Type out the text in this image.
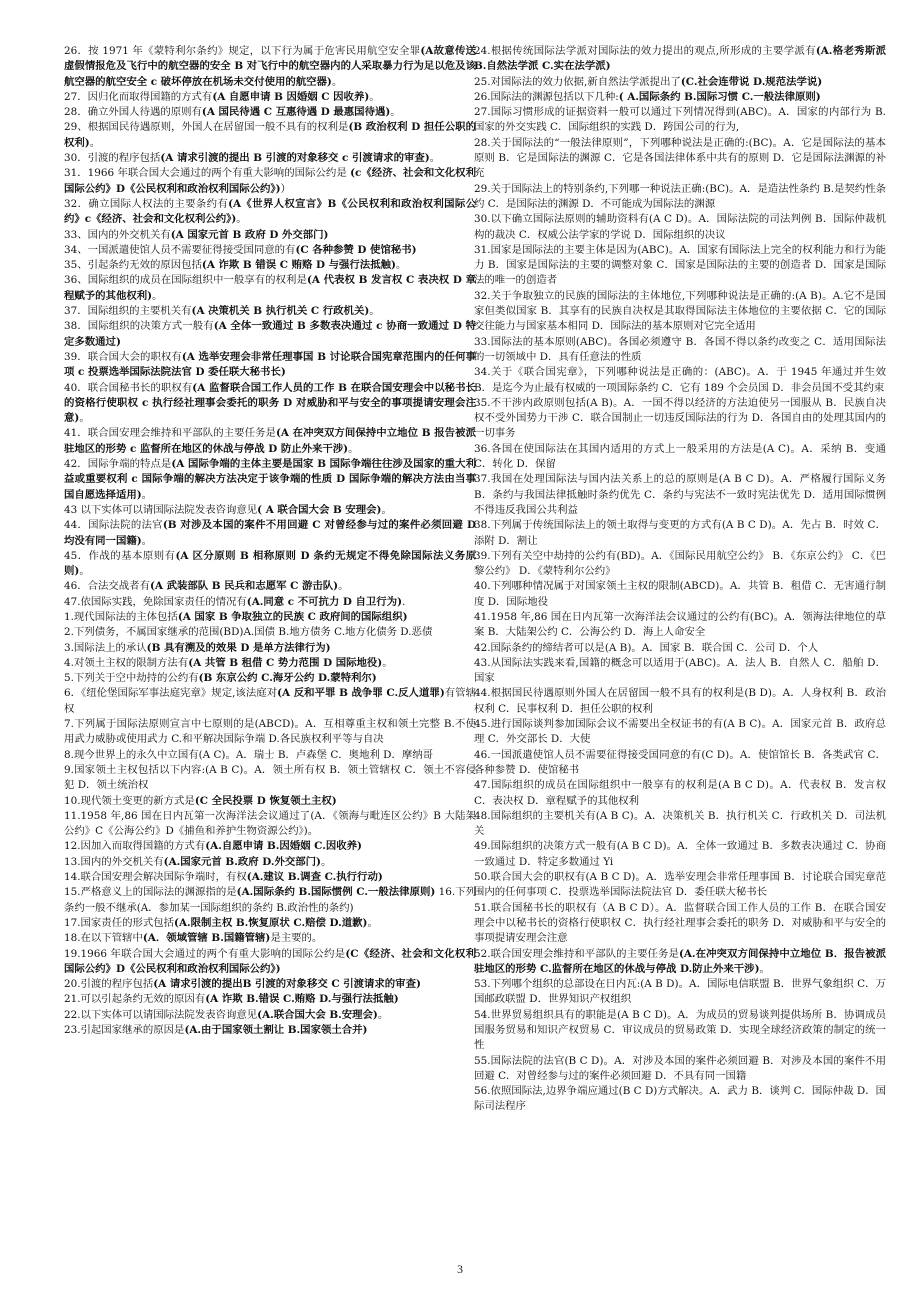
26．按 1971 年《蒙特利尔条约》规定，以下行为属于危害民用航空安全罪(A故意传送虚假情报危及飞行中的航空器的安全 B 对飞行中的航空器内的人采取暴力行为足以危及该航空器的航空安全 c 破坏停放在机场未交付使用的航空器)。

27．因归化而取得国籍的方式有(A 自愿申请 B 因婚姻 C 因收养)。

28．确立外国人待遇的原则有(A 国民待遇 C 互惠待遇 D 最惠国待遇)。

29、根据国民待遇原则，外国人在居留国一般不具有的权利是(B 政治权利 D 担任公职的权利)。

30．引渡的程序包括(A 请求引渡的提出 B 引渡的对象移交 c 引渡请求的审查)。

31．1966 年联合国大会通过的两个有重大影响的国际公约是 (c《经济、社会和文化权利国际公约》D《公民权利和政治权利国际公约》)）

32．确立国际人权法的主要条约有(A《世界人权宣言》B《公民权利和政治权利国际公约》c《经济、社会和文化权利公约》)。

33、国内的外交机关有(A 国家元首 B 政府 D 外交部门)

34、一国派遣使馆人员不需要征得接受国同意的有(C 各种参赞 D 使馆秘书)

35、引起条约无效的原因包括(A 诈欺 B 错误 C 贿赂 D 与强行法抵触)。

36、国际组织的成员在国际组织中一般享有的权利是(A 代表权 B 发言权 C 表决权 D 章程赋予的其他权利)。

37．国际组织的主要机关有(A 决策机关 B 执行机关 C 行政机关)。

38．国际组织的决策方式一般有(A 全体一致通过 B 多数表决通过 c 协商一致通过 D 特定多数通过)

39．联合国大会的职权有(A 选举安理会非常任理事国 B 讨论联合国宪章范围内的任何事项 c 投票选举国际法院法官 D 委任联大秘书长)

40．联合国秘书长的职权有(A 监督联合国工作人员的工作 B 在联合国安理会中以秘书长的资格行使职权 c 执行经社理事会委托的职务 D 对威胁和平与安全的事项提请安理会注意)。

41．联合国安理会维持和平部队的主要任务是(A 在冲突双方间保持中立地位 B 报告被派驻地区的形势 c 监督所在地区的休战与停战 D 防止外来干涉)。

42．国际争端的特点是(A 国际争端的主体主要是国家 B 国际争端往往涉及国家的重大利益或重要权利 c 国际争端的解决方法决定于该争端的性质 D 国际争端的解决方法由当事国自愿选择适用)。

43 以下实体可以请国际法院发表咨询意见( A 联合国大会 B 安理会)。

44．国际法院的法官(B 对涉及本国的案件不用回避 C 对曾经参与过的案件必须回避 D 均没有同一国籍)。

45．作战的基本原则有(A 区分原则 B 相称原则 D 条约无规定不得免除国际法义务原则)。

46．合法交战者有(A 武装部队 B 民兵和志愿军 C 游击队)。

47.依国际实践，免除国家责任的情况有(A.同意 c 不可抗力 D 自卫行为).

1.现代国际法的主体包括(A 国家 B 争取独立的民族 C 政府间的国际组织)

2.下列债务，不属国家继承的范围(BD)A.国债 B.地方债务 C.地方化债务 D.恶债

3.国际法上的承认(B 具有溯及的效果 D 是单方法律行为)

4.对领土主权的限制方法有(A 共管 B 租借 C 势力范围 D 国际地役)。

5.下列关于空中劫持的公约有(B 东京公约 C.海牙公约 D.蒙特利尔)

6．《纽伦堡国际军事法庭宪章》规定,该法庭对(A 反和平罪 B 战争罪 C.反人道罪)有管辖权

7.下列属于国际法原则宣言中七原则的是(ABCD)。A．互相尊重主权和领土完整 B.不使用武力威胁或使用武力 C.和平解决国际争端 D.各民族权利平等与自决

8.现今世界上的永久中立国有(A C)。A．瑞士 B．卢森堡 C．奥地利 D．摩纳哥

9.国家领土主权包括以下内容:(A B C)。A．领土所有权 B．领土管辖权 C．领土不容侵犯 D．领土统治权

10.现代领土变更的新方式是(C 全民投票 D 恢复领土主权)

11.1958 年,86 国在日内瓦第一次海洋法会议通过了(A．《领海与毗连区公约》B 大陆架公约》C《公海公约》D《捕鱼和养护生物资源公约》)。

12.因加入而取得国籍的方式有(A.自愿申请 B.因婚姻 C.因收养)

13.国内的外交机关有(A.国家元首 B.政府 D.外交部门)。

14.联合国安理会解决国际争端时，有权(A.建议 B.调查 C.执行行动)

15.严格意义上的国际法的渊源指的是(A.国际条约 B.国际惯例 C.一般法律原则) 16.下列条约一般不继承(A．参加某一国际组织的条约 B.政治性的条约)

17.国家责任的形式包括(A.限制主权 B.恢复原状 C.赔偿 D.道歉)。

18.在以下管辖中(A．领域管辖 B.国籍管辖)是主要的。

19.1966 年联合国大会通过的两个有重大影响的国际公约是(C《经济、社会和文化权利国际公约》D《公民权利和政治权利国际公约》)

20.引渡的程序包括(A 请求引渡的提出B 引渡的对象移交 C 引渡请求的审查)

21.可以引起条约无效的原因有(A 诈欺 B.错误 C.贿赂 D.与强行法抵触)

22.以下实体可以请国际法院发表咨询意见(A.联合国大会 B.安理会)。

23.引起国家继承的原因是(A.由于国家领土割让 B.国家领土合并)

24.根据传统国际法学派对国际法的效力提出的观点,所形成的主要学派有(A.格老秀斯派 B.自然法学派 C.实在法学派)

25.对国际法的效力依据,新自然法学派提出了(C.社会连带说 D.规范法学说)

26.国际法的渊源包括以下几种:( A.国际条约 B.国际习惯 C.一般法律原则)

27.国际习惯形成的证据资料一般可以通过下列情况得到(ABC)。A．国家的内部行为 B.国家的外交实践 C．国际组织的实践 D．跨国公司的行为,

28.关于国际法的“一般法律原则”，下列哪种说法是正确的:(BC)。A．它是国际法的基本原则 B．它是国际法的渊源 C．它是各国法律体系中共有的原则 D．它是国际法渊源的补充

29.关于国际法上的特别条约,下列哪一种说法正确:(BC)。A．是造法性条约 B.是契约性条约 C．是国际法的渊源 D．不可能成为国际法的渊源

30.以下确立国际法原则的辅助资料有(A C D)。A．国际法院的司法判例 B．国际仲裁机构的裁决 C．权威公法学家的学说 D．国际组织的决议

31.国家是国际法的主要主体是因为(ABC)。A．国家有国际法上完全的权利能力和行为能力 B．国家是国际法的主要的调整对象 C．国家是国际法的主要的创造者 D．国家是国际法的唯一的创造者

32.关于争取独立的民族的国际法的主体地位,下列哪种说法是正确的:(A B)。A.它不是国家但类似国家 B．其享有的民族自决权是其取得国际法主体地位的主要依据 C．它的国际交往能力与国家基本相同 D．国际法的基本原则对它完全适用

33.国际法的基本原则(ABC)。各国必须遵守 B．各国不得以条约改变之 C．适用国际法的一切领域中 D．具有任意法的性质

34.关于《联合国宪章》，下列哪种说法是正确的：(ABC)。A．于 1945 年通过并生效 B．是迄今为止最有权威的一项国际条约 C．它有 189 个会员国 D．非会员国不受其约束

35.不干涉内政原则包括(A B)。A．一国不得以经济的方法迫使另一国服从 B．民族自决权不受外国势力干涉 C．联合国制止一切违反国际法的行为 D．各国自由的处理其国内的一切事务

36.各国在使国际法在其国内适用的方式上一般采用的方法是(A C)。A．采纳 B．变通 C．转化 D．保留

37.我国在处理国际法与国内法关系上的总的原则是(A B C D)。A．严格履行国际义务 B．条约与我国法律抵触时条约优先 C．条约与宪法不一致时宪法优先 D．适用国际惯例不得违反我国公共利益

38.下列属于传统国际法上的领土取得与变更的方式有(A B C D)。A．先占 B．时效 C．添附 D．割让

39.下列有关空中劫持的公约有(BD)。A．《国际民用航空公约》 B．《东京公约》 C．《巴黎公约》 D．《蒙特利尔公约》

40.下列哪种情况属于对国家领土主权的限制(ABCD)。A．共管 B．租借 C．无害通行制度 D．国际地役

41.1958 年,86 国在日内瓦第一次海洋法会议通过的公约有(BC)。A．领海法律地位的草案 B．大陆架公约 C．公海公约 D．海上人命安全

42.国际条约的缔结者可以是(A B)。A．国家 B．联合国 C．公司 D．个人

43.从国际法实践来看,国籍的概念可以适用于(ABC)。A．法人 B．自然人 C．船舶 D．国家

44.根据国民待遇原则外国人在居留国一般不具有的权利是(B D)。A．人身权利 B．政治权利 C．民事权利 D．担任公职的权利

45.进行国际谈判参加国际会议不需要出全权证书的有(A B C)。A．国家元首 B．政府总理 C．外交部长 D．大使

46.一国派遣使馆人员不需要征得接受国同意的有(C D)。A．使馆馆长 B．各类武官 C．各种参赞 D．使馆秘书

47.国际组织的成员在国际组织中一般享有的权利是(A B C D)。A．代表权 B．发言权 C．表决权 D．章程赋予的其他权利

48.国际组织的主要机关有(A B C)。A．决策机关 B．执行机关 C．行政机关 D．司法机关

49.国际组织的决策方式一般有(A B C D)。A．全体一致通过 B．多数表决通过 C．协商一致通过 D．特定多数通过 Yi

50.联合国大会的职权有(A B C D)。A．选举安理会非常任理事国 B．讨论联合国宪章范围内的任何事项 C．投票选举国际法院法官 D．委任联大秘书长

51.联合国秘书长的职权有（A B C D）。A．监督联合国工作人员的工作 B．在联合国安理会中以秘书长的资格行使职权 C．执行经社理事会委托的职务 D．对威胁和平与安全的事项提请安理会注意

52.联合国安理会维持和平部队的主要任务是(A.在冲突双方间保持中立地位 B．报告被派驻地区的形势 C.监督所在地区的休战与停战 D.防止外来干涉)。

53.下列哪个组织的总部设在日内瓦:(A B D)。A．国际电信联盟 B．世界气象组织 C．万国邮政联盟 D．世界知识产权组织

54.世界贸易组织具有的职能是(A B C D)。A．为成员的贸易谈判提供场所 B．协调成员国服务贸易和知识产权贸易 C．审议成员的贸易政策 D．实现全球经济政策的制定的统一性

55.国际法院的法官(B C D)。A．对涉及本国的案件必须回避 B．对涉及本国的案件不用回避 C．对曾经参与过的案件必须回避 D．不具有同一国籍

56.依照国际法,边界争端应通过(B C D)方式解决。A．武力 B．谈判 C．国际仲裁 D．国际司法程序

3
